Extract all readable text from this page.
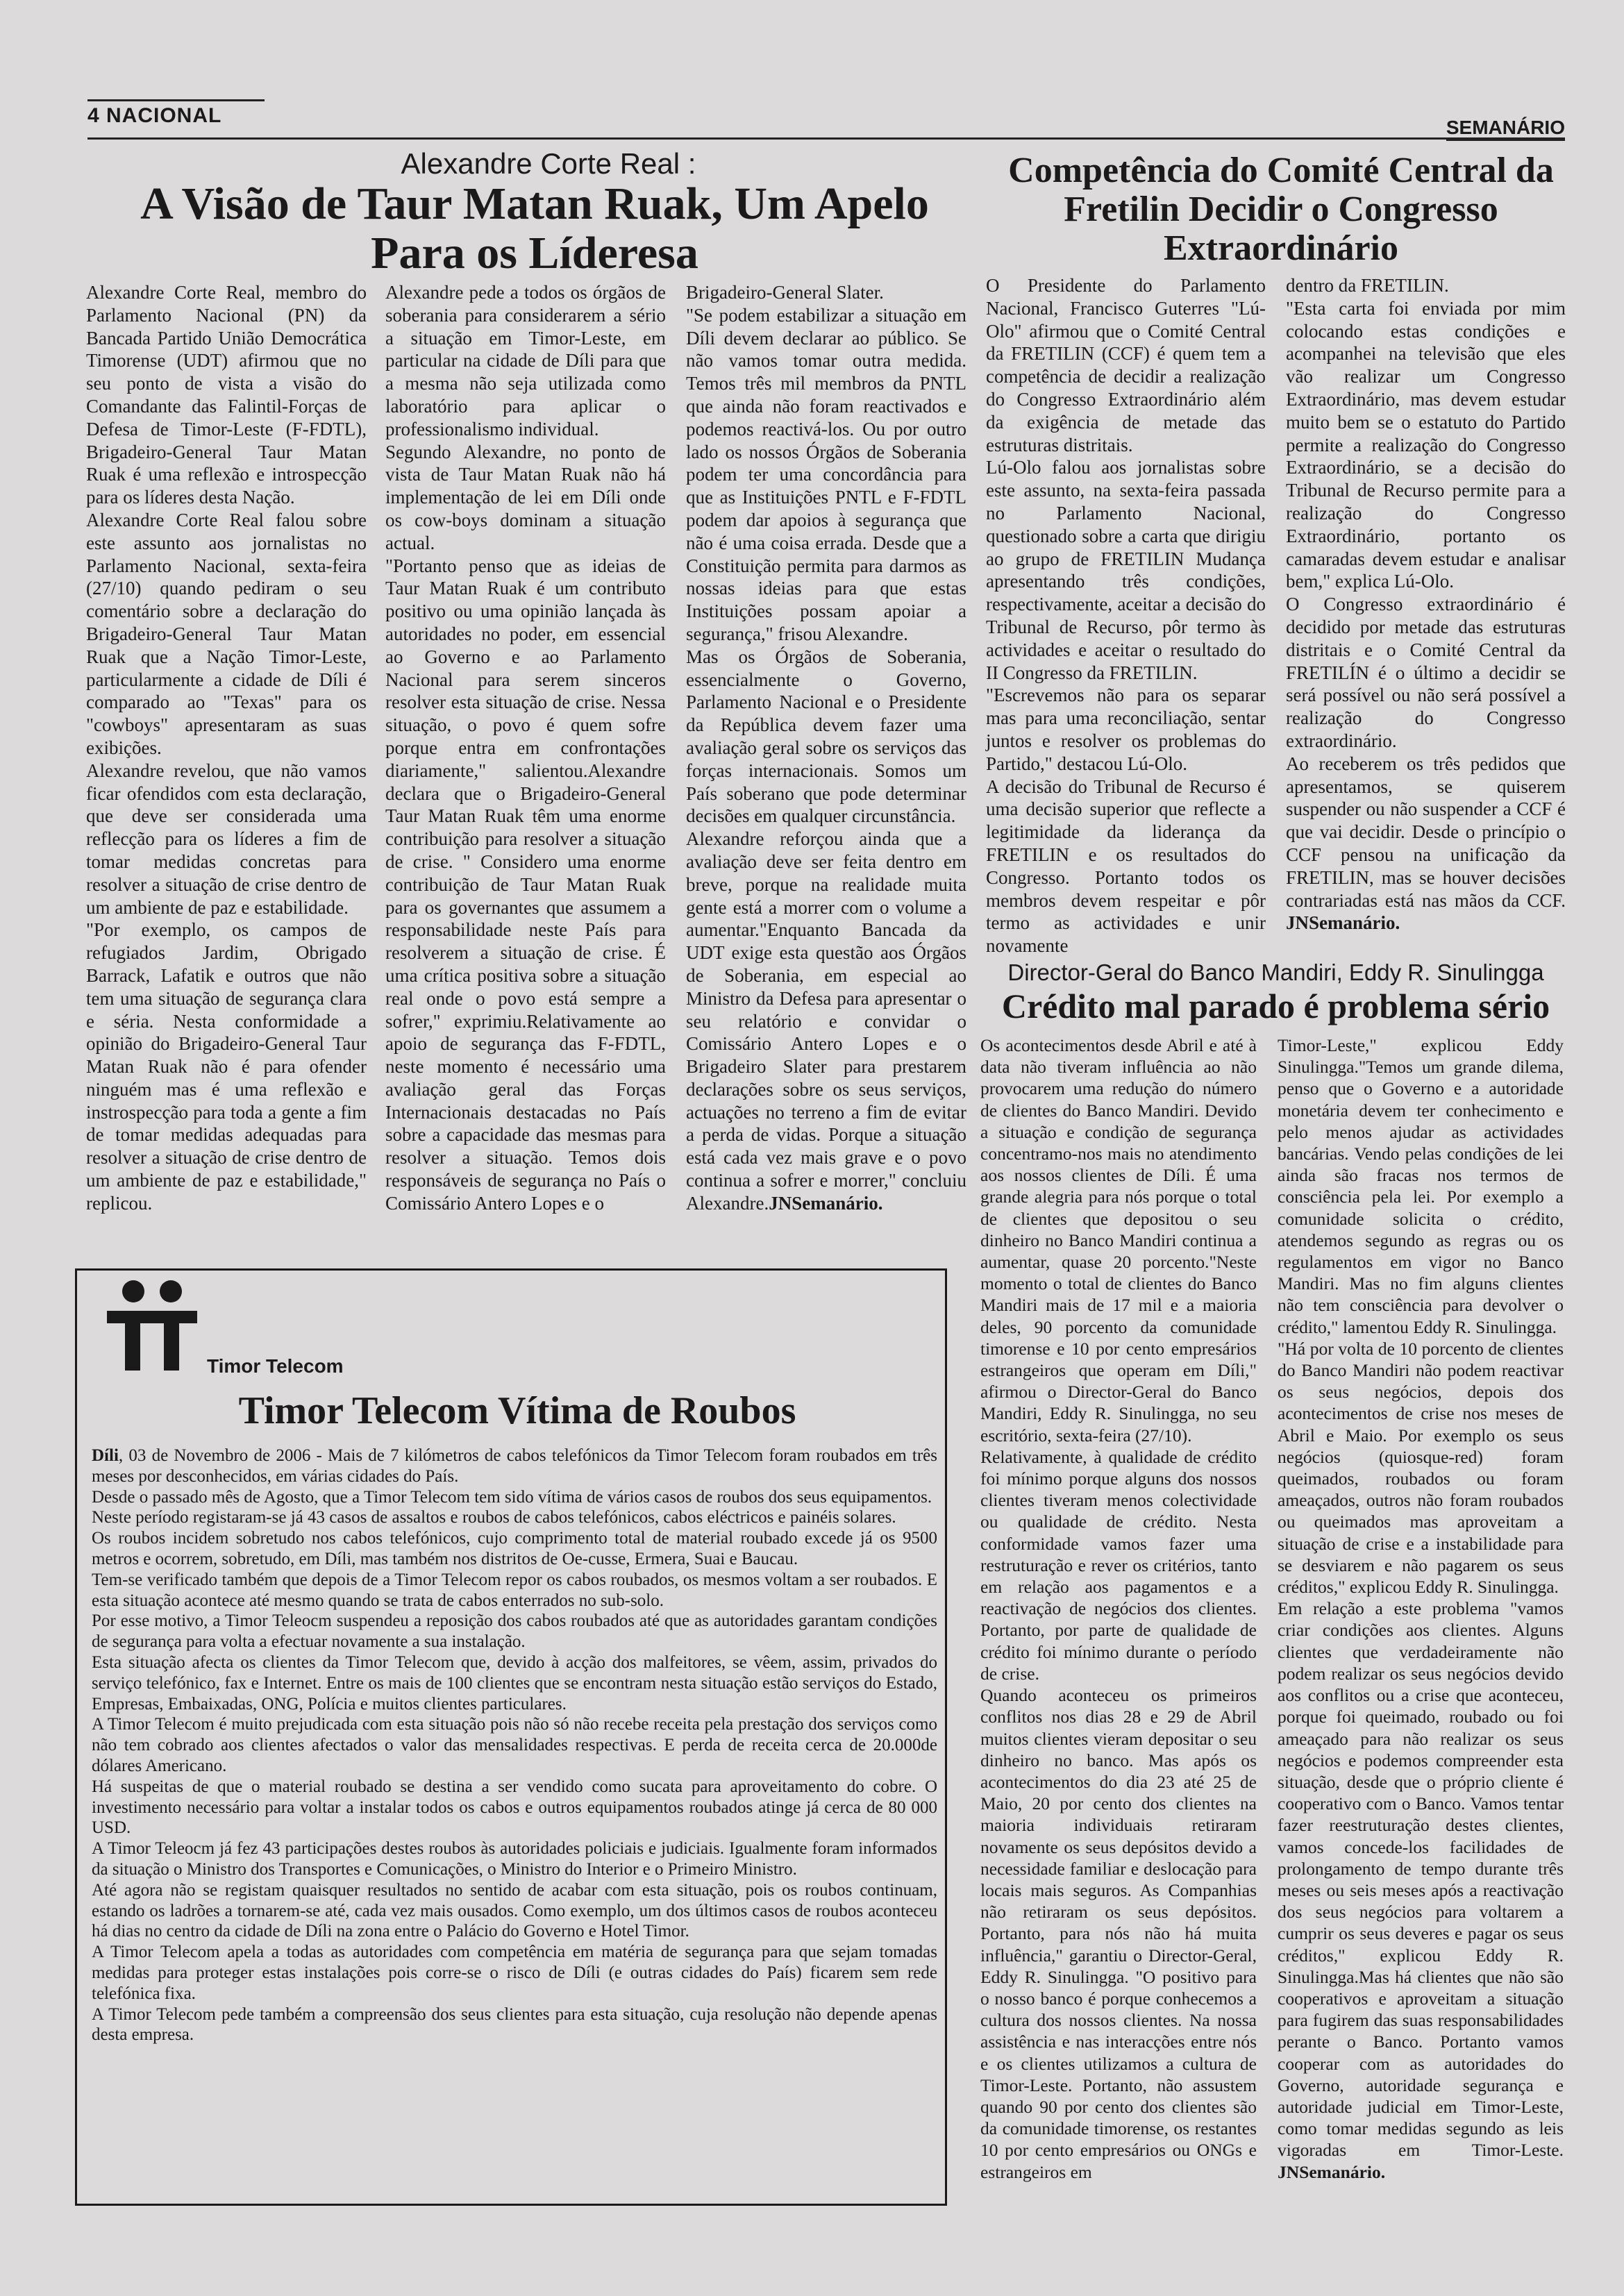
4 NACIONAL
SEMANÁRIO
Alexandre Corte Real :
A Visão de Taur Matan Ruak, Um Apelo
Para os Líderesa

Alexandre Corte Real, membro do Parlamento Nacional (PN) da Bancada Partido União Democrática Timorense (UDT) afirmou que no seu ponto de vista a visão do Comandante das Falintil-Forças de Defesa de Timor-Leste (F-FDTL), Brigadeiro-General Taur Matan Ruak é uma reflexão e introspecção para os líderes desta Nação.

Alexandre Corte Real falou sobre este assunto aos jornalistas no Parlamento Nacional, sexta-feira (27/10) quando pediram o seu comentário sobre a declaração do Brigadeiro-General Taur Matan Ruak que a Nação Timor-Leste, particularmente a cidade de Díli é comparado ao "Texas" para os "cowboys" apresentaram as suas exibições.

Alexandre revelou, que não vamos ficar ofendidos com esta declaração, que deve ser considerada uma reflecção para os líderes a fim de tomar medidas concretas para resolver a situação de crise dentro de um ambiente de paz e estabilidade.

"Por exemplo, os campos de refugiados Jardim, Obrigado Barrack, Lafatik e outros que não tem uma situação de segurança clara e séria. Nesta conformidade a opinião do Brigadeiro-General Taur Matan Ruak não é para ofender ninguém mas é uma reflexão e instrospecção para toda a gente a fim de tomar medidas adequadas para resolver a situação de crise dentro de um ambiente de paz e estabilidade," replicou.

Alexandre pede a todos os órgãos de soberania para considerarem a sério a situação em Timor-Leste, em particular na cidade de Díli para que a mesma não seja utilizada como laboratório para aplicar o professionalismo individual.

Segundo Alexandre, no ponto de vista de Taur Matan Ruak não há implementação de lei em Díli onde os cow-boys dominam a situação actual.

"Portanto penso que as ideias de Taur Matan Ruak é um contributo positivo ou uma opinião lançada às autoridades no poder, em essencial ao Governo e ao Parlamento Nacional para serem sinceros resolver esta situação de crise. Nessa situação, o povo é quem sofre porque entra em confrontações diariamente," salientou.Alexandre declara que o Brigadeiro-General Taur Matan Ruak têm uma enorme contribuição para resolver a situação de crise. " Considero uma enorme contribuição de Taur Matan Ruak para os governantes que assumem a responsabilidade neste País para resolverem a situação de crise. É uma crítica positiva sobre a situação real onde o povo está sempre a sofrer," exprimiu.Relativamente ao apoio de segurança das F-FDTL, neste momento é necessário uma avaliação geral das Forças Internacionais destacadas no País sobre a capacidade das mesmas para resolver a situação. Temos dois responsáveis de segurança no País o Comissário Antero Lopes e o

Brigadeiro-General Slater.

"Se podem estabilizar a situação em Díli devem declarar ao público. Se não vamos tomar outra medida. Temos três mil membros da PNTL que ainda não foram reactivados e podemos reactivá-los. Ou por outro lado os nossos Órgãos de Soberania podem ter uma concordância para que as Instituições PNTL e F-FDTL podem dar apoios à segurança que não é uma coisa errada. Desde que a Constituição permita para darmos as nossas ideias para que estas Instituições possam apoiar a segurança," frisou Alexandre.

Mas os Órgãos de Soberania, essencialmente o Governo, Parlamento Nacional e o Presidente da República devem fazer uma avaliação geral sobre os serviços das forças internacionais. Somos um País soberano que pode determinar decisões em qualquer circunstância.

Alexandre reforçou ainda que a avaliação deve ser feita dentro em breve, porque na realidade muita gente está a morrer com o volume a aumentar."Enquanto Bancada da UDT exige esta questão aos Órgãos de Soberania, em especial ao Ministro da Defesa para apresentar o seu relatório e convidar o Comissário Antero Lopes e o Brigadeiro Slater para prestarem declarações sobre os seus serviços, actuações no terreno a fim de evitar a perda de vidas. Porque a situação está cada vez mais grave e o povo continua a sofrer e morrer," concluiu Alexandre.JNSemanário.

Competência do Comité Central da
Fretilin Decidir o Congresso
Extraordinário

O Presidente do Parlamento Nacional, Francisco Guterres "Lú-Olo" afirmou que o Comité Central da FRETILIN (CCF) é quem tem a competência de decidir a realização do Congresso Extraordinário além da exigência de metade das estruturas distritais.

Lú-Olo falou aos jornalistas sobre este assunto, na sexta-feira passada no Parlamento Nacional, questionado sobre a carta que dirigiu ao grupo de FRETILIN Mudança apresentando três condições, respectivamente, aceitar a decisão do Tribunal de Recurso, pôr termo às actividades e aceitar o resultado do II Congresso da FRETILIN.

"Escrevemos não para os separar mas para uma reconciliação, sentar juntos e resolver os problemas do Partido," destacou Lú-Olo.

A decisão do Tribunal de Recurso é uma decisão superior que reflecte a legitimidade da liderança da FRETILIN e os resultados do Congresso. Portanto todos os membros devem respeitar e pôr termo as actividades e unir novamente

dentro da FRETILIN.

"Esta carta foi enviada por mim colocando estas condições e acompanhei na televisão que eles vão realizar um Congresso Extraordinário, mas devem estudar muito bem se o estatuto do Partido permite a realização do Congresso Extraordinário, se a decisão do Tribunal de Recurso permite para a realização do Congresso Extraordinário, portanto os camaradas devem estudar e analisar bem," explica Lú-Olo.

O Congresso extraordinário é decidido por metade das estruturas distritais e o Comité Central da FRETILÍN é o último a decidir se será possível ou não será possível a realização do Congresso extraordinário.

Ao receberem os três pedidos que apresentamos, se quiserem suspender ou não suspender a CCF é que vai decidir. Desde o princípio o CCF pensou na unificação da FRETILIN, mas se houver decisões contrariadas está nas mãos da CCF. JNSemanário.

Director-Geral do Banco Mandiri, Eddy R. Sinulingga
Crédito mal parado é problema sério

Os acontecimentos desde Abril e até à data não tiveram influência ao não provocarem uma redução do número de clientes do Banco Mandiri. Devido a situação e condição de segurança concentramo-nos mais no atendimento aos nossos clientes de Díli. É uma grande alegria para nós porque o total de clientes que depositou o seu dinheiro no Banco Mandiri continua a aumentar, quase 20 porcento."Neste momento o total de clientes do Banco Mandiri mais de 17 mil e a maioria deles, 90 porcento da comunidade timorense e 10 por cento empresários estrangeiros que operam em Díli," afirmou o Director-Geral do Banco Mandiri, Eddy R. Sinulingga, no seu escritório, sexta-feira (27/10).

Relativamente, à qualidade de crédito foi mínimo porque alguns dos nossos clientes tiveram menos colectividade ou qualidade de crédito. Nesta conformidade vamos fazer uma restruturação e rever os critérios, tanto em relação aos pagamentos e a reactivação de negócios dos clientes. Portanto, por parte de qualidade de crédito foi mínimo durante o período de crise.

Quando aconteceu os primeiros conflitos nos dias 28 e 29 de Abril muitos clientes vieram depositar o seu dinheiro no banco. Mas após os acontecimentos do dia 23 até 25 de Maio, 20 por cento dos clientes na maioria individuais retiraram novamente os seus depósitos devido a necessidade familiar e deslocação para locais mais seguros. As Companhias não retiraram os seus depósitos. Portanto, para nós não há muita influência," garantiu o Director-Geral, Eddy R. Sinulingga. "O positivo para o nosso banco é porque conhecemos a cultura dos nossos clientes. Na nossa assistência e nas interacções entre nós e os clientes utilizamos a cultura de Timor-Leste. Portanto, não assustem quando 90 por cento dos clientes são da comunidade timorense, os restantes 10 por cento empresários ou ONGs e estrangeiros em

Timor-Leste," explicou Eddy Sinulingga."Temos um grande dilema, penso que o Governo e a autoridade monetária devem ter conhecimento e pelo menos ajudar as actividades bancárias. Vendo pelas condições de lei ainda são fracas nos termos de consciência pela lei. Por exemplo a comunidade solicita o crédito, atendemos segundo as regras ou os regulamentos em vigor no Banco Mandiri. Mas no fim alguns clientes não tem consciência para devolver o crédito," lamentou Eddy R. Sinulingga.

"Há por volta de 10 porcento de clientes do Banco Mandiri não podem reactivar os seus negócios, depois dos acontecimentos de crise nos meses de Abril e Maio. Por exemplo os seus negócios (quiosque-red) foram queimados, roubados ou foram ameaçados, outros não foram roubados ou queimados mas aproveitam a situação de crise e a instabilidade para se desviarem e não pagarem os seus créditos," explicou Eddy R. Sinulingga.

Em relação a este problema "vamos criar condições aos clientes. Alguns clientes que verdadeiramente não podem realizar os seus negócios devido aos conflitos ou a crise que aconteceu, porque foi queimado, roubado ou foi ameaçado para não realizar os seus negócios e podemos compreender esta situação, desde que o próprio cliente é cooperativo com o Banco. Vamos tentar fazer reestruturação destes clientes, vamos concede-los facilidades de prolongamento de tempo durante três meses ou seis meses após a reactivação dos seus negócios para voltarem a cumprir os seus deveres e pagar os seus créditos," explicou Eddy R. Sinulingga.Mas há clientes que não são cooperativos e aproveitam a situação para fugirem das suas responsabilidades perante o Banco. Portanto vamos cooperar com as autoridades do Governo, autoridade segurança e autoridade judicial em Timor-Leste, como tomar medidas segundo as leis vigoradas em Timor-Leste. JNSemanário.

Timor Telecom
Timor Telecom Vítima de Roubos

Díli, 03 de Novembro de 2006 - Mais de 7 kilómetros de cabos telefónicos da Timor Telecom foram roubados em três meses por desconhecidos, em várias cidades do País.

Desde o passado mês de Agosto, que a Timor Telecom tem sido vítima de vários casos de roubos dos seus equipamentos.

Neste período registaram-se já 43 casos de assaltos e roubos de cabos telefónicos, cabos eléctricos e painéis solares.

Os roubos incidem sobretudo nos cabos telefónicos, cujo comprimento total de material roubado excede já os 9500 metros e ocorrem, sobretudo, em Díli, mas também nos distritos de Oe-cusse, Ermera, Suai e Baucau.

Tem-se verificado também que depois de a Timor Telecom repor os cabos roubados, os mesmos voltam a ser roubados. E esta situação acontece até mesmo quando se trata de cabos enterrados no sub-solo.

Por esse motivo, a Timor Teleocm suspendeu a reposição dos cabos roubados até que as autoridades garantam condições de segurança para volta a efectuar novamente a sua instalação.

Esta situação afecta os clientes da Timor Telecom que, devido à acção dos malfeitores, se vêem, assim, privados do serviço telefónico, fax e Internet. Entre os mais de 100 clientes que se encontram nesta situação estão serviços do Estado, Empresas, Embaixadas, ONG, Polícia e muitos clientes particulares.

A Timor Telecom é muito prejudicada com esta situação pois não só não recebe receita pela prestação dos serviços como não tem cobrado aos clientes afectados o valor das mensalidades respectivas. E perda de receita cerca de 20.000de dólares Americano.

Há suspeitas de que o material roubado se destina a ser vendido como sucata para aproveitamento do cobre. O investimento necessário para voltar a instalar todos os cabos e outros equipamentos roubados atinge já cerca de 80 000 USD.

A Timor Teleocm já fez 43 participações destes roubos às autoridades policiais e judiciais. Igualmente foram informados da situação o Ministro dos Transportes e Comunicações, o Ministro do Interior e o Primeiro Ministro.

Até agora não se registam quaisquer resultados no sentido de acabar com esta situação, pois os roubos continuam, estando os ladrões a tornarem-se até, cada vez mais ousados. Como exemplo, um dos últimos casos de roubos aconteceu há dias no centro da cidade de Díli na zona entre o Palácio do Governo e Hotel Timor.

A Timor Telecom apela a todas as autoridades com competência em matéria de segurança para que sejam tomadas medidas para proteger estas instalações pois corre-se o risco de Díli (e outras cidades do País) ficarem sem rede telefónica fixa.

A Timor Telecom pede também a compreensão dos seus clientes para esta situação, cuja resolução não depende apenas desta empresa.
